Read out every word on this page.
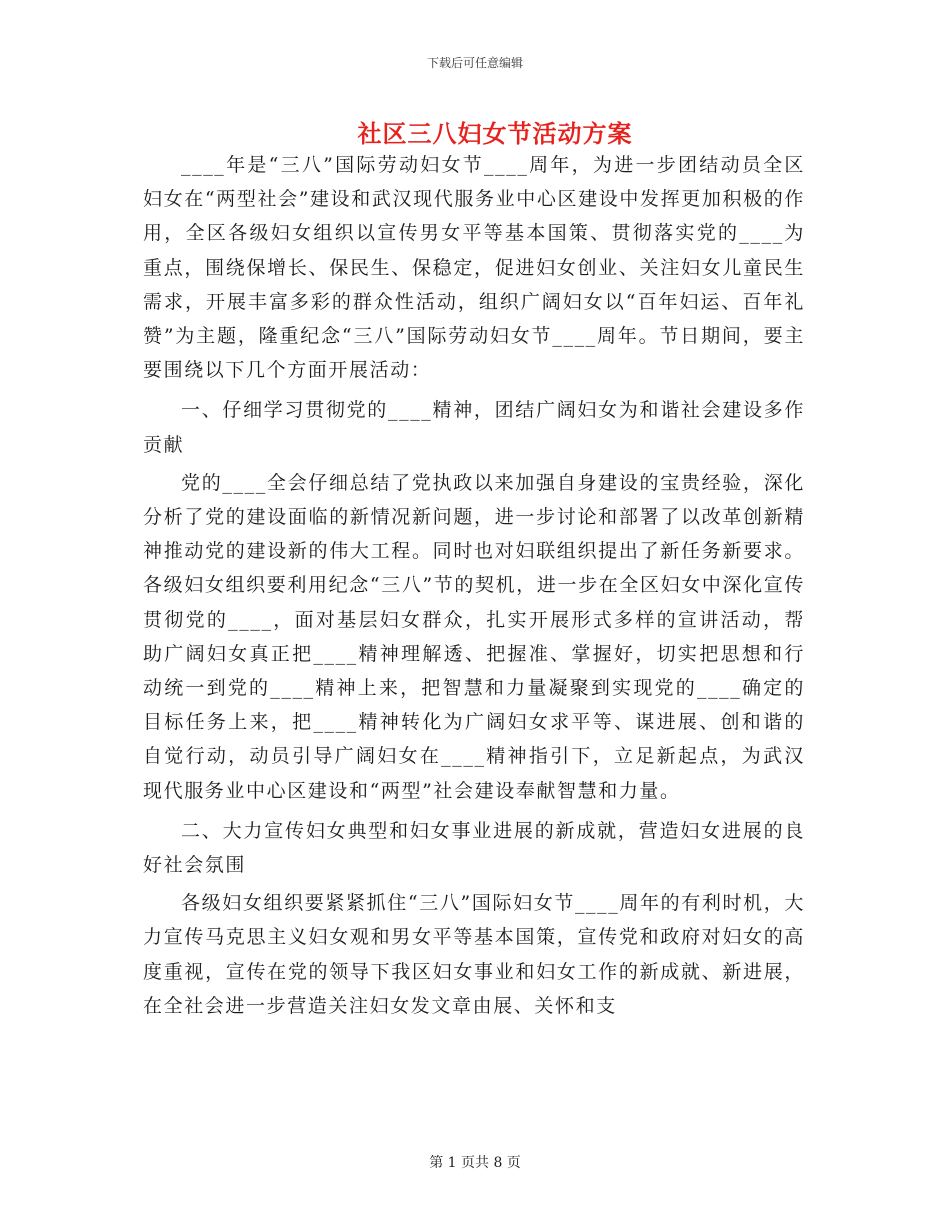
下载后可任意编辑
社区三八妇女节活动方案

____年是“三八”国际劳动妇女节____周年，为进一步团结动员全区妇女在“两型社会”建设和武汉现代服务业中心区建设中发挥更加积极的作用，全区各级妇女组织以宣传男女平等基本国策、贯彻落实党的____为重点，围绕保增长、保民生、保稳定，促进妇女创业、关注妇女儿童民生需求，开展丰富多彩的群众性活动，组织广阔妇女以“百年妇运、百年礼赞”为主题，隆重纪念“三八”国际劳动妇女节____周年。节日期间，要主要围绕以下几个方面开展活动：

一、仔细学习贯彻党的____精神，团结广阔妇女为和谐社会建设多作贡献

党的____全会仔细总结了党执政以来加强自身建设的宝贵经验，深化分析了党的建设面临的新情况新问题，进一步讨论和部署了以改革创新精神推动党的建设新的伟大工程。同时也对妇联组织提出了新任务新要求。各级妇女组织要利用纪念“三八”节的契机，进一步在全区妇女中深化宣传贯彻党的____，面对基层妇女群众，扎实开展形式多样的宣讲活动，帮助广阔妇女真正把____精神理解透、把握准、掌握好，切实把思想和行动统一到党的____精神上来，把智慧和力量凝聚到实现党的____确定的目标任务上来，把____精神转化为广阔妇女求平等、谋进展、创和谐的自觉行动，动员引导广阔妇女在____精神指引下，立足新起点，为武汉现代服务业中心区建设和“两型”社会建设奉献智慧和力量。

二、大力宣传妇女典型和妇女事业进展的新成就，营造妇女进展的良好社会氛围

各级妇女组织要紧紧抓住“三八”国际妇女节____周年的有利时机，大力宣传马克思主义妇女观和男女平等基本国策，宣传党和政府对妇女的高度重视，宣传在党的领导下我区妇女事业和妇女工作的新成就、新进展，在全社会进一步营造关注妇女发文章由展、关怀和支

第 1 页共 8 页
